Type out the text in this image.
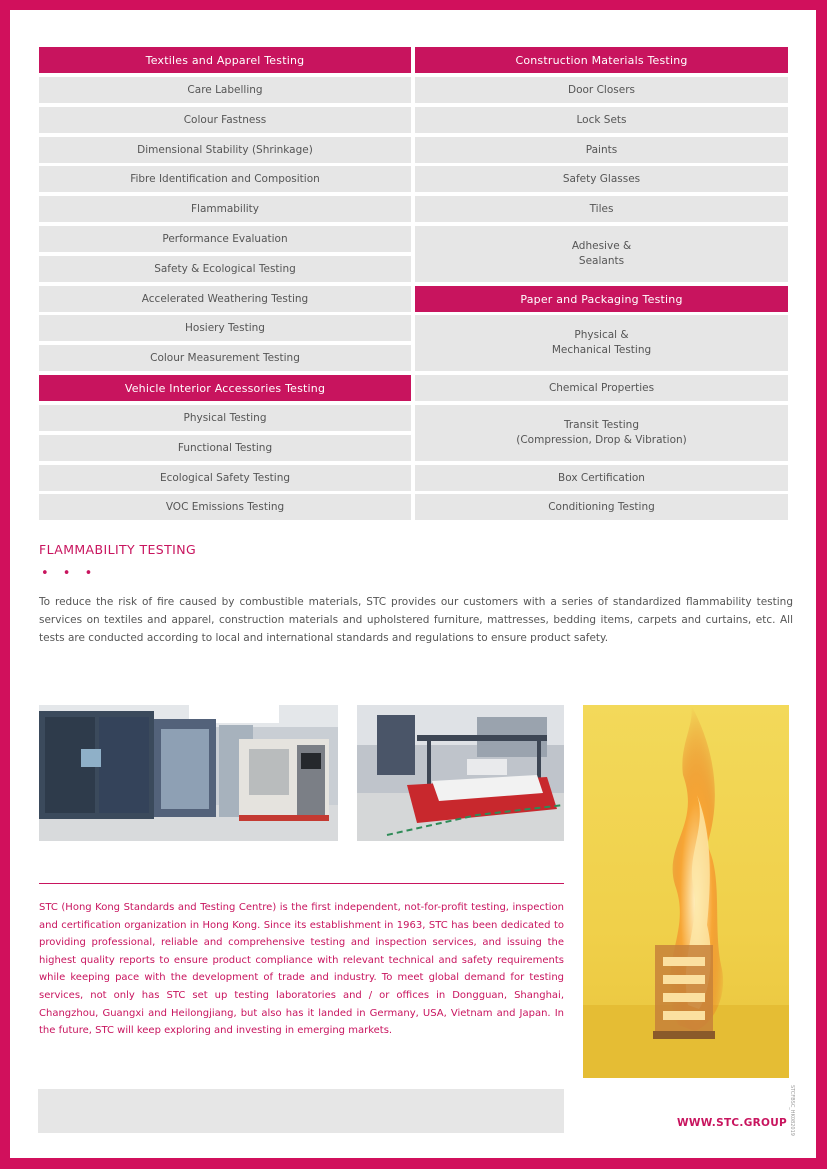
Textiles and Apparel Testing
Care Labelling
Colour Fastness
Dimensional Stability (Shrinkage)
Fibre Identification and Composition
Flammability
Performance Evaluation
Safety & Ecological Testing
Accelerated Weathering Testing
Hosiery Testing
Colour Measurement Testing
Vehicle Interior Accessories Testing
Physical Testing
Functional Testing
Ecological Safety Testing
VOC Emissions Testing
Construction Materials Testing
Door Closers
Lock Sets
Paints
Safety Glasses
Tiles
Adhesive &
Sealants
Paper and Packaging Testing
Physical &
Mechanical Testing
Chemical Properties
Transit Testing
(Compression, Drop & Vibration)
Box Certification
Conditioning Testing
FLAMMABILITY TESTING
• • •
To reduce the risk of fire caused by combustible materials, STC provides our customers with a series of standardized flammability testing services on textiles and apparel, construction materials and upholstered furniture, mattresses, bedding items, carpets and curtains, etc. All tests are conducted according to local and international standards and regulations to ensure product safety.
STC (Hong Kong Standards and Testing Centre) is the first independent, not-for-profit testing, inspection and certification organization in Hong Kong. Since its establishment in 1963, STC has been dedicated to providing professional, reliable and comprehensive testing and inspection services, and issuing the highest quality reports to ensure product compliance with relevant technical and safety requirements while keeping pace with the development of trade and industry. To meet global demand for testing services, not only has STC set up testing laboratories and / or offices in Dongguan, Shanghai, Changzhou, Guangxi and Heilongjiang, but also has it landed in Germany, USA, Vietnam and Japan. In the future, STC will keep exploring and investing in emerging markets.
WWW.STC.GROUP STCFBSC_HK082019
